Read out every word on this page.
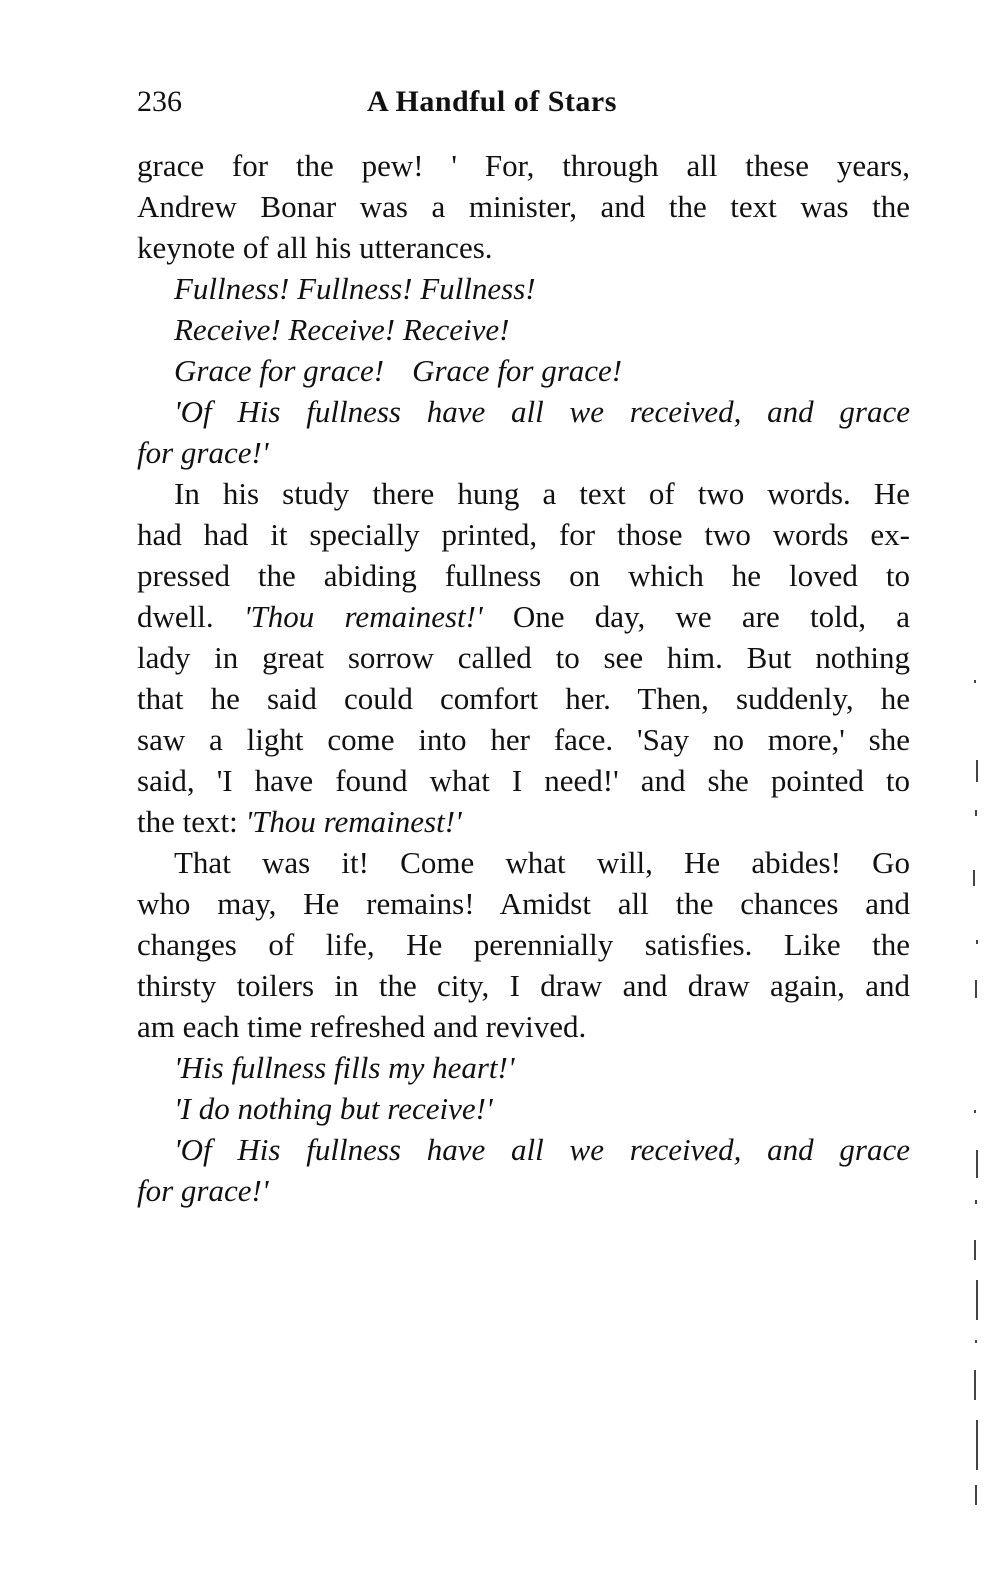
236	A Handful of Stars
grace for the pew! ' For, through all these years,
Andrew Bonar was a minister, and the text was the
keynote of all his utterances.
Fullness! Fullness! Fullness!
Receive! Receive! Receive!
Grace for grace! Grace for grace!
'Of His fullness have all we received, and grace
for grace!'
In his study there hung a text of two words. He
had had it specially printed, for those two words ex-
pressed the abiding fullness on which he loved to
dwell. 'Thou remainest!' One day, we are told, a
lady in great sorrow called to see him. But nothing
that he said could comfort her. Then, suddenly, he
saw a light come into her face. 'Say no more,' she
said, 'I have found what I need!' and she pointed to
the text: 'Thou remainest!'
That was it! Come what will, He abides! Go
who may, He remains! Amidst all the chances and
changes of life, He perennially satisfies. Like the
thirsty toilers in the city, I draw and draw again, and
am each time refreshed and revived.
'His fullness fills my heart!'
'I do nothing but receive!'
'Of His fullness have all we received, and grace
for grace!'
